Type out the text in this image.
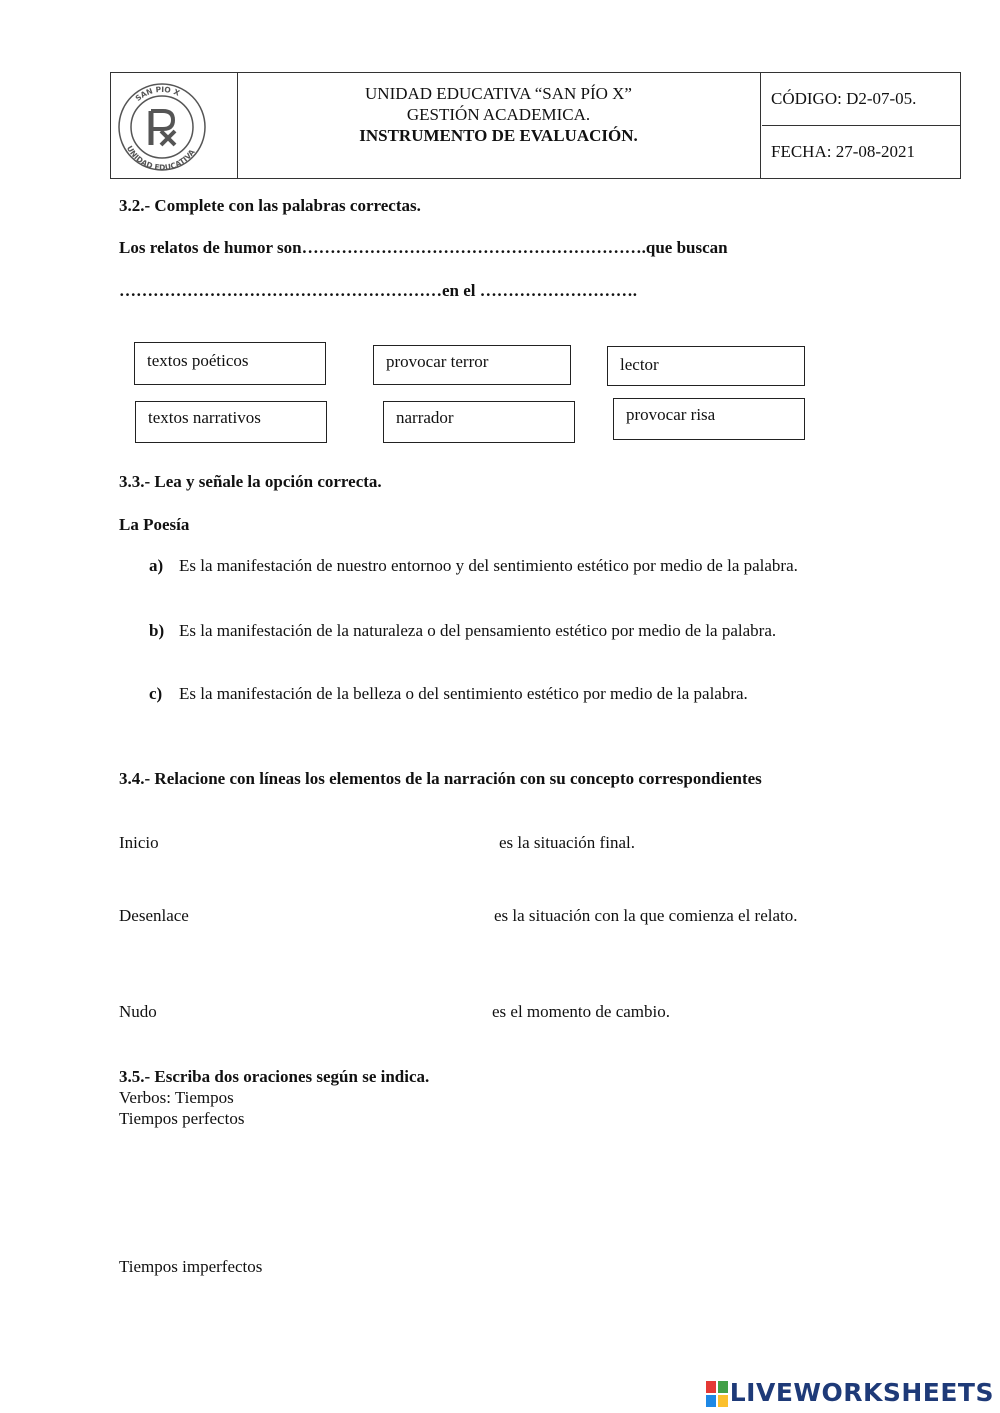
SAN PIO X
UNIDAD EDUCATIVA
UNIDAD EDUCATIVA “SAN PÍO X”
GESTIÓN ACADEMICA.
INSTRUMENTO DE EVALUACIÓN.
CÓDIGO: D2-07-05.
FECHA: 27-08-2021
3.2.- Complete con las palabras correctas.
Los relatos de humor son…………………………………………………….que buscan
…………………………………………………en el ……………………….
textos poéticos	provocar terror	lector
textos narrativos	narrador	provocar risa
3.3.- Lea y señale la opción correcta.
La Poesía
a) Es la manifestación de nuestro entornoo y del sentimiento estético por medio de la palabra.
b) Es la manifestación de la naturaleza o del pensamiento estético por medio de la palabra.
c) Es la manifestación de la belleza o del sentimiento estético por medio de la palabra.
3.4.- Relacione con líneas los elementos de la narración con su concepto correspondientes
Inicio	es la situación final.
Desenlace	es la situación con la que comienza el relato.
Nudo	es el momento de cambio.
3.5.- Escriba dos oraciones según se indica.
Verbos: Tiempos
Tiempos perfectos
Tiempos imperfectos
LIVEWORKSHEETS
